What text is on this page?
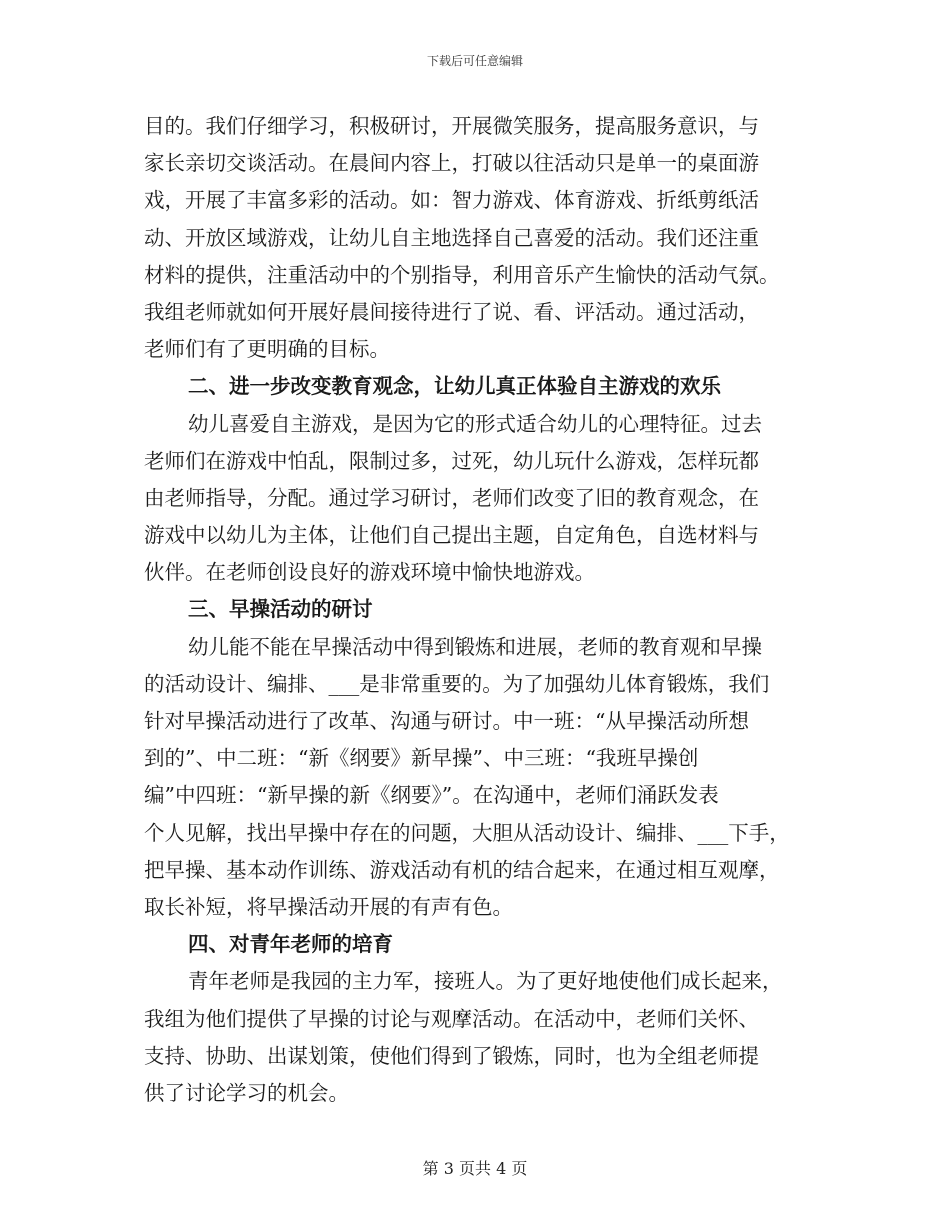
下载后可任意编辑
目的。我们仔细学习，积极研讨，开展微笑服务，提高服务意识，与
家长亲切交谈活动。在晨间内容上，打破以往活动只是单一的桌面游
戏，开展了丰富多彩的活动。如：智力游戏、体育游戏、折纸剪纸活
动、开放区域游戏，让幼儿自主地选择自己喜爱的活动。我们还注重
材料的提供，注重活动中的个别指导，利用音乐产生愉快的活动气氛。
我组老师就如何开展好晨间接待进行了说、看、评活动。通过活动，
老师们有了更明确的目标。
二、进一步改变教育观念，让幼儿真正体验自主游戏的欢乐
幼儿喜爱自主游戏，是因为它的形式适合幼儿的心理特征。过去
老师们在游戏中怕乱，限制过多，过死，幼儿玩什么游戏，怎样玩都
由老师指导，分配。通过学习研讨，老师们改变了旧的教育观念，在
游戏中以幼儿为主体，让他们自己提出主题，自定角色，自选材料与
伙伴。在老师创设良好的游戏环境中愉快地游戏。
三、早操活动的研讨
幼儿能不能在早操活动中得到锻炼和进展，老师的教育观和早操
的活动设计、编排、___是非常重要的。为了加强幼儿体育锻炼，我们
针对早操活动进行了改革、沟通与研讨。中一班：“从早操活动所想
到的”、中二班：“新《纲要》新早操”、中三班：“我班早操创
编”中四班：“新早操的新《纲要》”。在沟通中，老师们涌跃发表
个人见解，找出早操中存在的问题，大胆从活动设计、编排、___下手，
把早操、基本动作训练、游戏活动有机的结合起来，在通过相互观摩，
取长补短，将早操活动开展的有声有色。
四、对青年老师的培育
青年老师是我园的主力军，接班人。为了更好地使他们成长起来，
我组为他们提供了早操的讨论与观摩活动。在活动中，老师们关怀、
支持、协助、出谋划策，使他们得到了锻炼，同时，也为全组老师提
供了讨论学习的机会。
第 3 页共 4 页
